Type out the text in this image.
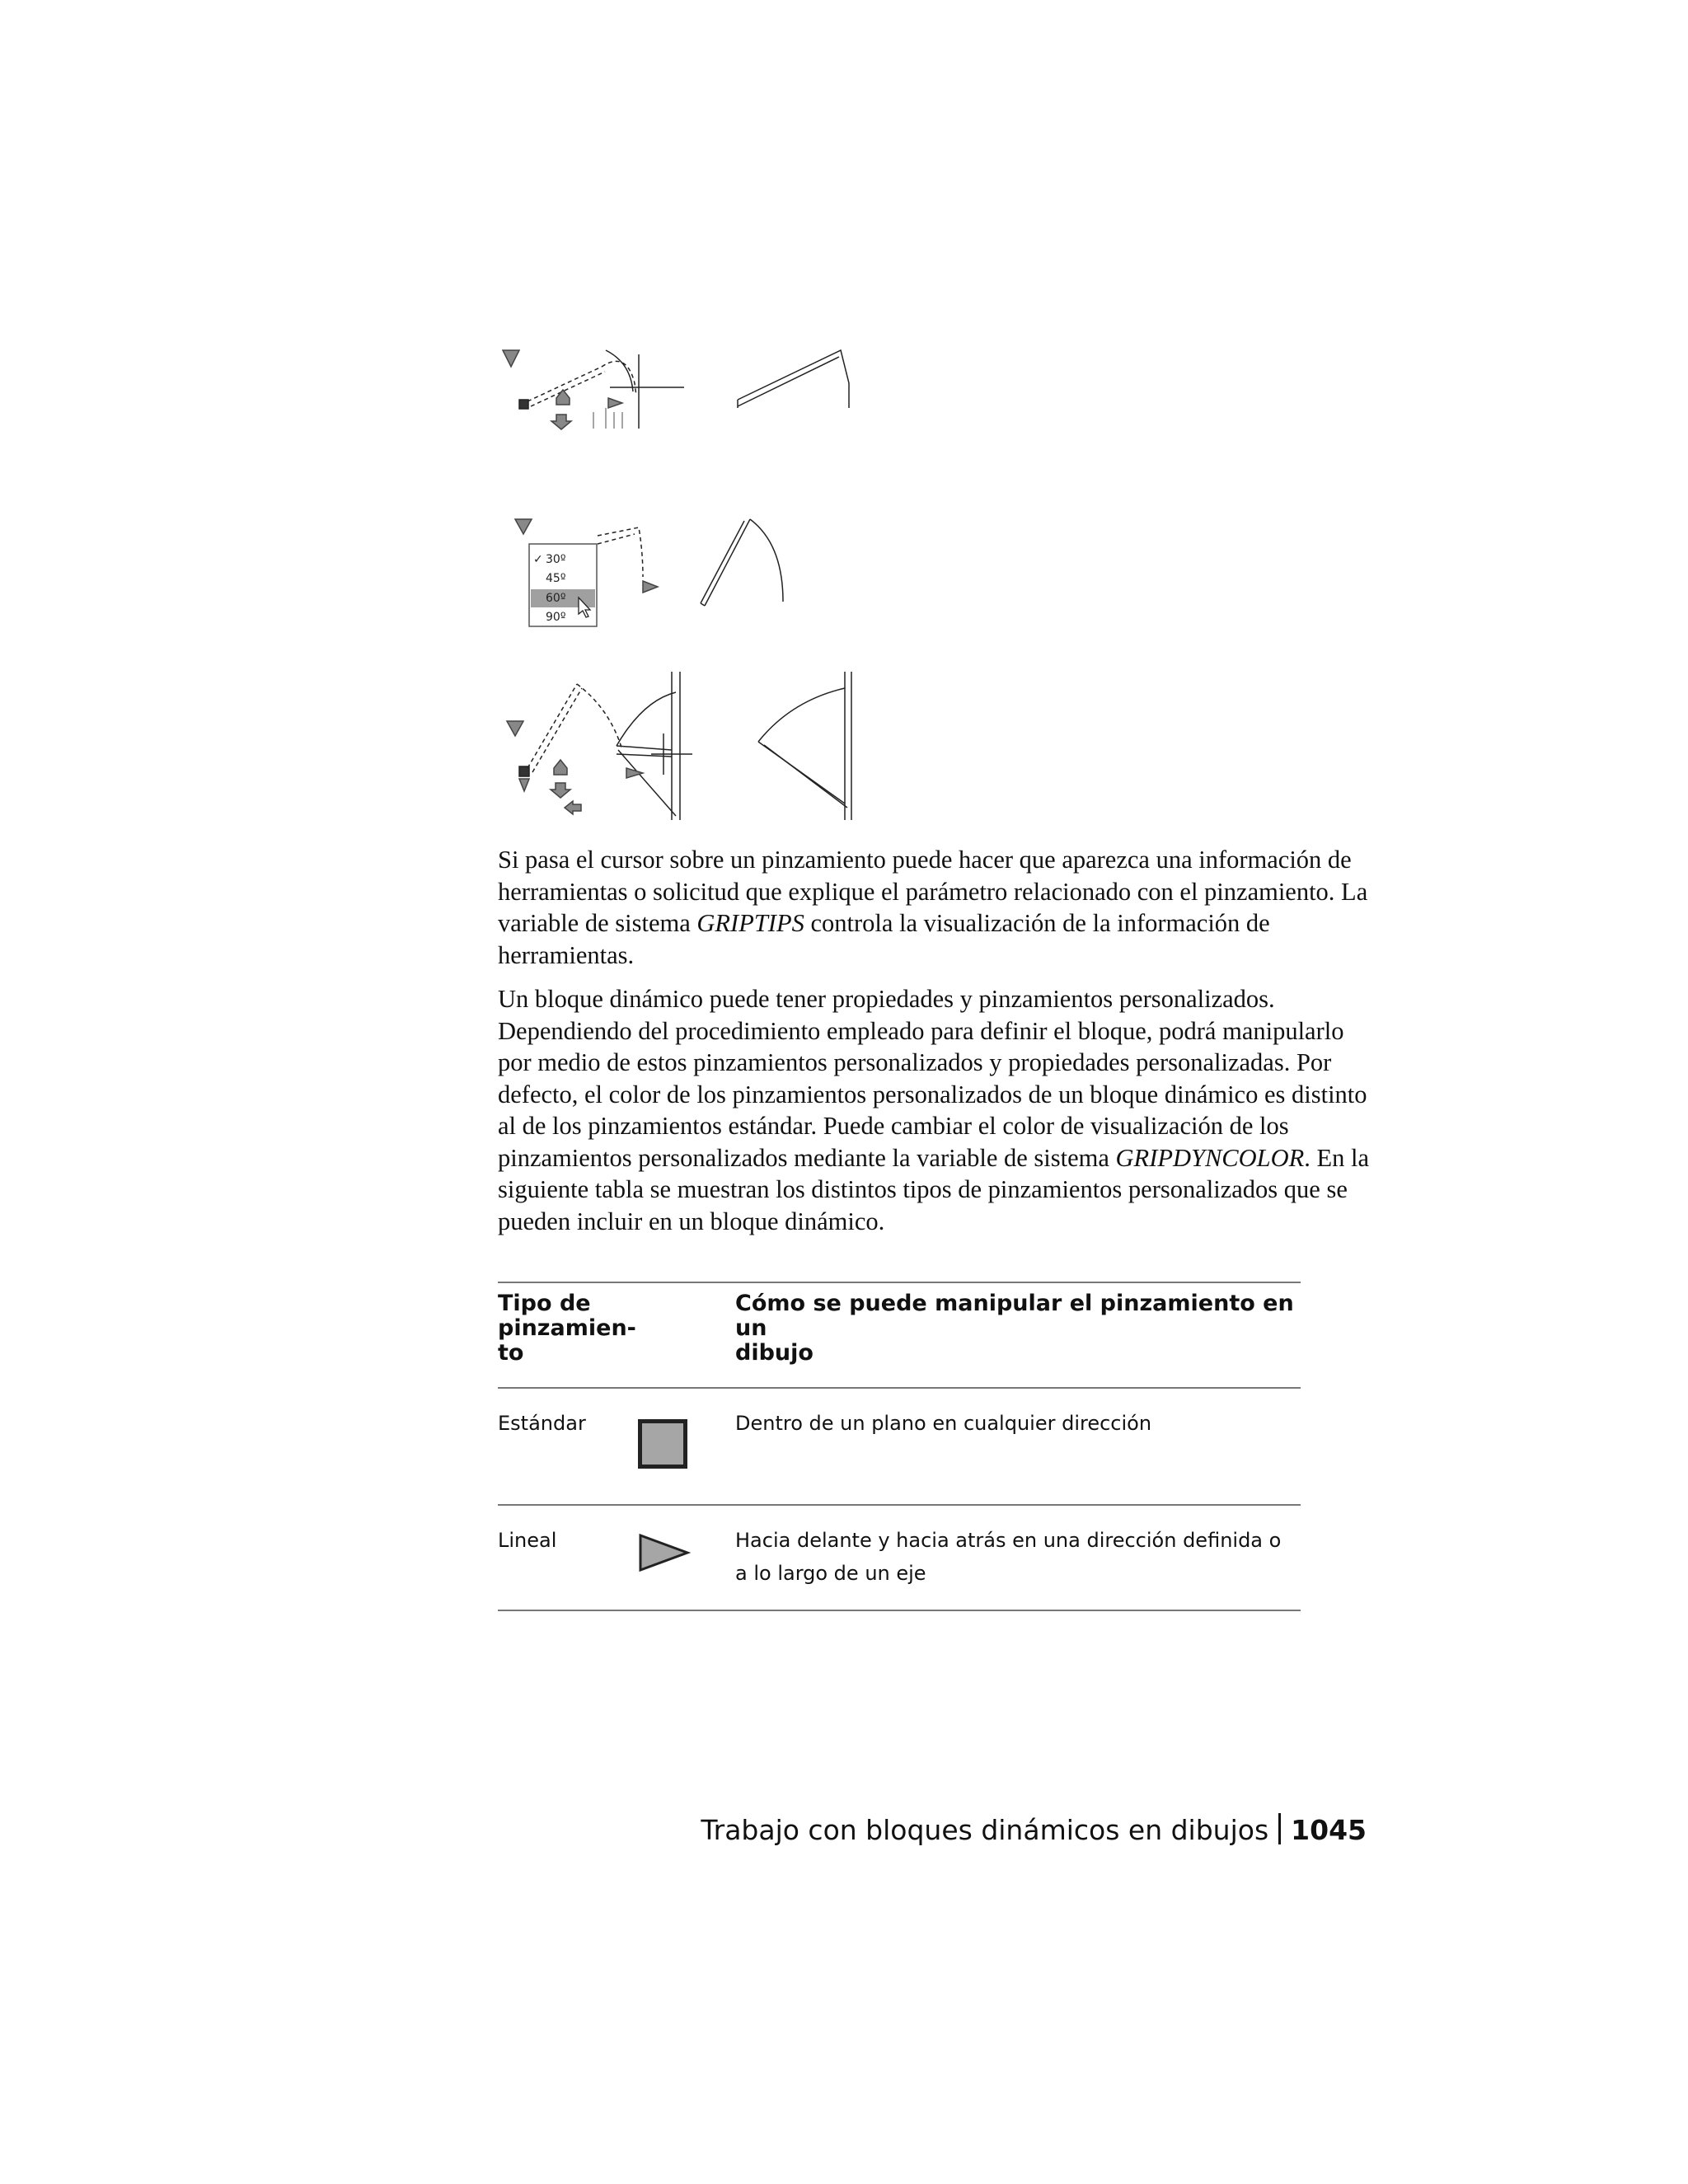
✓ 30º
45º
60º
90º

Si pasa el cursor sobre un pinzamiento puede hacer que aparezca una información de herramientas o solicitud que explique el parámetro relacionado con el pinzamiento. La variable de sistema GRIPTIPS controla la visualización de la información de herramientas.

Un bloque dinámico puede tener propiedades y pinzamientos personalizados. Dependiendo del procedimiento empleado para definir el bloque, podrá manipularlo por medio de estos pinzamientos personalizados y propiedades personalizadas. Por defecto, el color de los pinzamientos personalizados de un bloque dinámico es distinto al de los pinzamientos estándar. Puede cambiar el color de visualización de los pinzamientos personalizados mediante la variable de sistema GRIPDYNCOLOR. En la siguiente tabla se muestran los distintos tipos de pinzamientos personalizados que se pueden incluir en un bloque dinámico.

Tipo de
pinzamien-
to
Cómo se puede manipular el pinzamiento en un
dibujo
Estándar	Dentro de un plano en cualquier dirección
Lineal	Hacia delante y hacia atrás en una dirección definida o
a lo largo de un eje
Trabajo con bloques dinámicos en dibujos 1045
